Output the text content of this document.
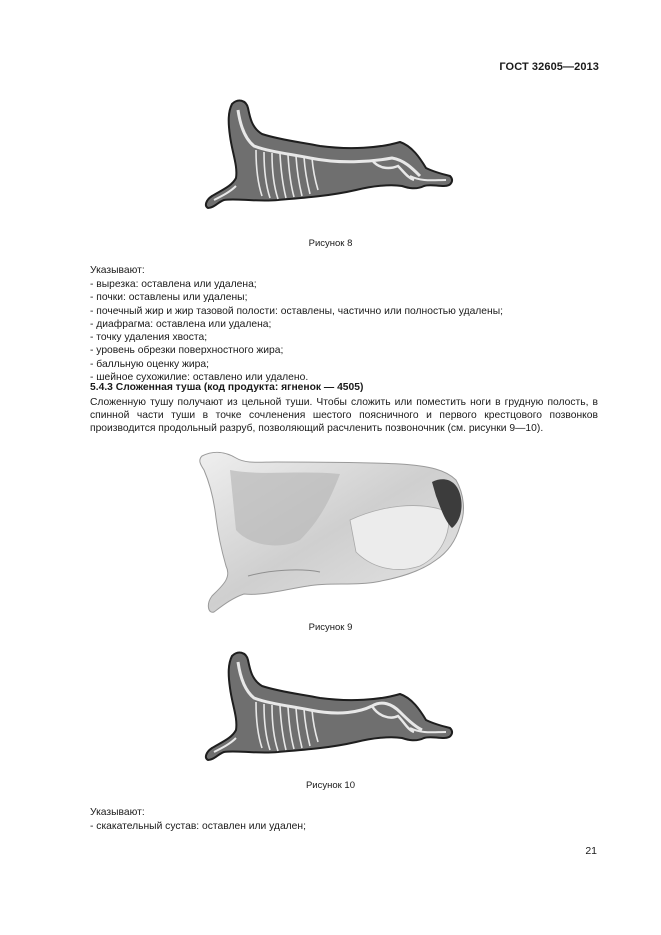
ГОСТ 32605—2013
Рисунок 8
Указывают:
- вырезка: оставлена или удалена;
- почки: оставлены или удалены;
- почечный жир и жир тазовой полости: оставлены, частично или полностью удалены;
- диафрагма: оставлена или удалена;
- точку удаления хвоста;
- уровень обрезки поверхностного жира;
- балльную оценку жира;
- шейное сухожилие: оставлено или удалено.
5.4.3 Сложенная туша (код продукта: ягненок — 4505)
Сложенную тушу получают из цельной туши. Чтобы сложить или поместить ноги в грудную полость, в спинной части туши в точке сочленения шестого поясничного и первого крестцового позвонков производится продольный разруб, позволяющий расчленить позвоночник (см. рисунки 9—10).
Рисунок 9
Рисунок 10
Указывают:
- скакательный сустав: оставлен или удален;
21
